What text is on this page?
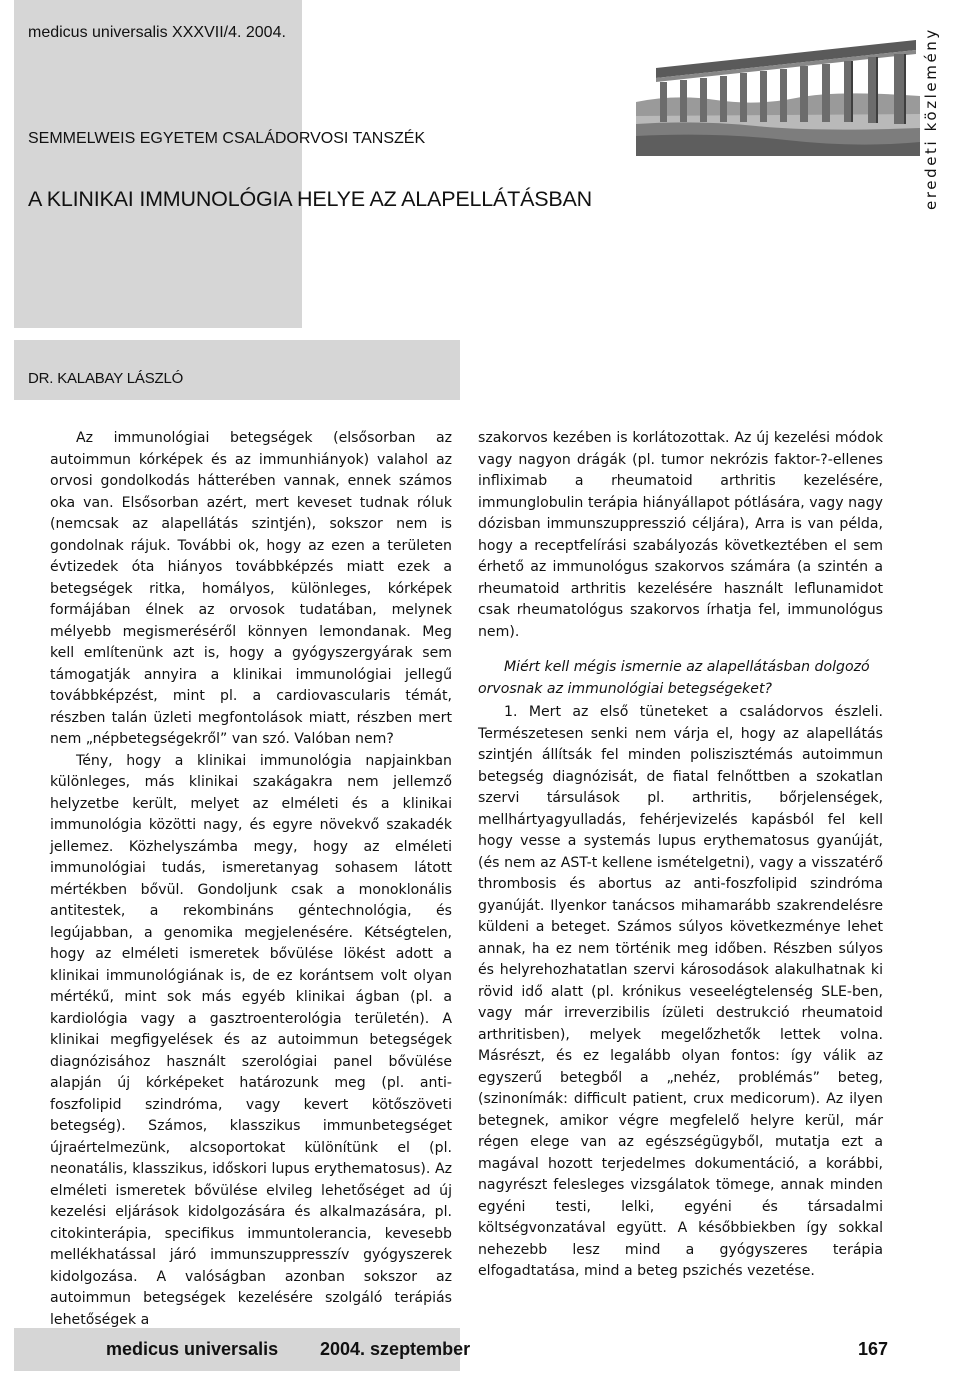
medicus universalis XXXVII/4. 2004.
SEMMELWEIS EGYETEM CSALÁDORVOSI TANSZÉK
A KLINIKAI IMMUNOLÓGIA HELYE AZ ALAPELLÁTÁSBAN
DR. KALABAY LÁSZLÓ
eredeti közlemény

Az immunológiai betegségek (elsősorban az autoimmun kórképek és az immunhiányok) valahol az orvosi gondolkodás hátterében vannak, ennek számos oka van. Elsősorban azért, mert keveset tudnak róluk (nemcsak az alapellátás szintjén), sokszor nem is gondolnak rájuk. További ok, hogy az ezen a területen évtizedek óta hiányos továbbképzés miatt ezek a betegségek ritka, homályos, különleges, kórképek formájában élnek az orvosok tudatában, melynek mélyebb megismeréséről könnyen lemondanak. Meg kell említenünk azt is, hogy a gyógyszergyárak sem támogatják annyira a klinikai immunológiai jellegű továbbképzést, mint pl. a cardiovascularis témát, részben talán üzleti megfontolások miatt, részben mert nem „népbetegségekről” van szó. Valóban nem?

Tény, hogy a klinikai immunológia napjainkban különleges, más klinikai szakágakra nem jellemző helyzetbe került, melyet az elméleti és a klinikai immunológia közötti nagy, és egyre növekvő szakadék jellemez. Közhelyszámba megy, hogy az elméleti immunológiai tudás, ismeretanyag sohasem látott mértékben bővül. Gondoljunk csak a monoklonális antitestek, a rekombináns géntechnológia, és legújabban, a genomika megjelenésére. Kétségtelen, hogy az elméleti ismeretek bővülése lökést adott a klinikai immunológiának is, de ez korántsem volt olyan mértékű, mint sok más egyéb klinikai ágban (pl. a kardiológia vagy a gasztroenterológia területén). A klinikai megfigyelések és az autoimmun betegségek diagnózisához használt szerológiai panel bővülése alapján új kórképeket határozunk meg (pl. anti-foszfolipid szindróma, vagy kevert kötőszöveti betegség). Számos, klasszikus immunbetegséget újraértelmezünk, alcsoportokat különítünk el (pl. neonatális, klasszikus, időskori lupus erythematosus). Az elméleti ismeretek bővülése elvileg lehetőséget ad új kezelési eljárások kidolgozására és alkalmazására, pl. citokinterápia, specifikus immuntolerancia, kevesebb mellékhatással járó immunszuppresszív gyógyszerek kidolgozása. A valóságban azonban sokszor az autoimmun betegségek kezelésére szolgáló terápiás lehetőségek a

szakorvos kezében is korlátozottak. Az új kezelési módok vagy nagyon drágák (pl. tumor nekrózis faktor-?-ellenes infliximab a rheumatoid arthritis kezelésére, immunglobulin terápia hiányállapot pótlására, vagy nagy dózisban immunszuppresszió céljára), Arra is van példa, hogy a receptfelírási szabályozás következtében el sem érhető az immunológus szakorvos számára (a szintén a rheumatoid arthritis kezelésére használt leflunamidot csak rheumatológus szakorvos írhatja fel, immunológus nem).

Miért kell mégis ismernie az alapellátásban dolgozó orvosnak az immunológiai betegségeket?

1. Mert az első tüneteket a családorvos észleli. Természetesen senki nem várja el, hogy az alapellátás szintjén állítsák fel minden poliszisztémás autoimmun betegség diagnózisát, de fiatal felnőttben a szokatlan szervi társulások pl. arthritis, bőrjelenségek, mellhártyagyulladás, fehérjevizelés kapásból fel kell hogy vesse a systemás lupus erythematosus gyanúját, (és nem az AST-t kellene ismételgetni), vagy a visszatérő thrombosis és abortus az anti-foszfolipid szindróma gyanúját. Ilyenkor tanácsos mihamarább szakrendelésre küldeni a beteget. Számos súlyos következménye lehet annak, ha ez nem történik meg időben. Részben súlyos és helyrehozhatatlan szervi károsodások alakulhatnak ki rövid idő alatt (pl. krónikus veseelégtelenség SLE-ben, vagy már irreverzibilis ízületi destrukció rheumatoid arthritisben), melyek megelőzhetők lettek volna. Másrészt, és ez legalább olyan fontos: így válik az egyszerű betegből a „nehéz, problémás” beteg, (szinonímák: difficult patient, crux medicorum). Az ilyen betegnek, amikor végre megfelelő helyre kerül, már régen elege van az egészségügyből, mutatja ezt a magával hozott terjedelmes dokumentáció, a korábbi, nagyrészt felesleges vizsgálatok tömege, annak minden egyéni testi, lelki, egyéni és társadalmi költségvonzatával együtt. A későbbiekben így sokkal nehezebb lesz mind a gyógyszeres terápia elfogadtatása, mind a beteg pszichés vezetése.

medicus universalis 2004. szeptember	167
